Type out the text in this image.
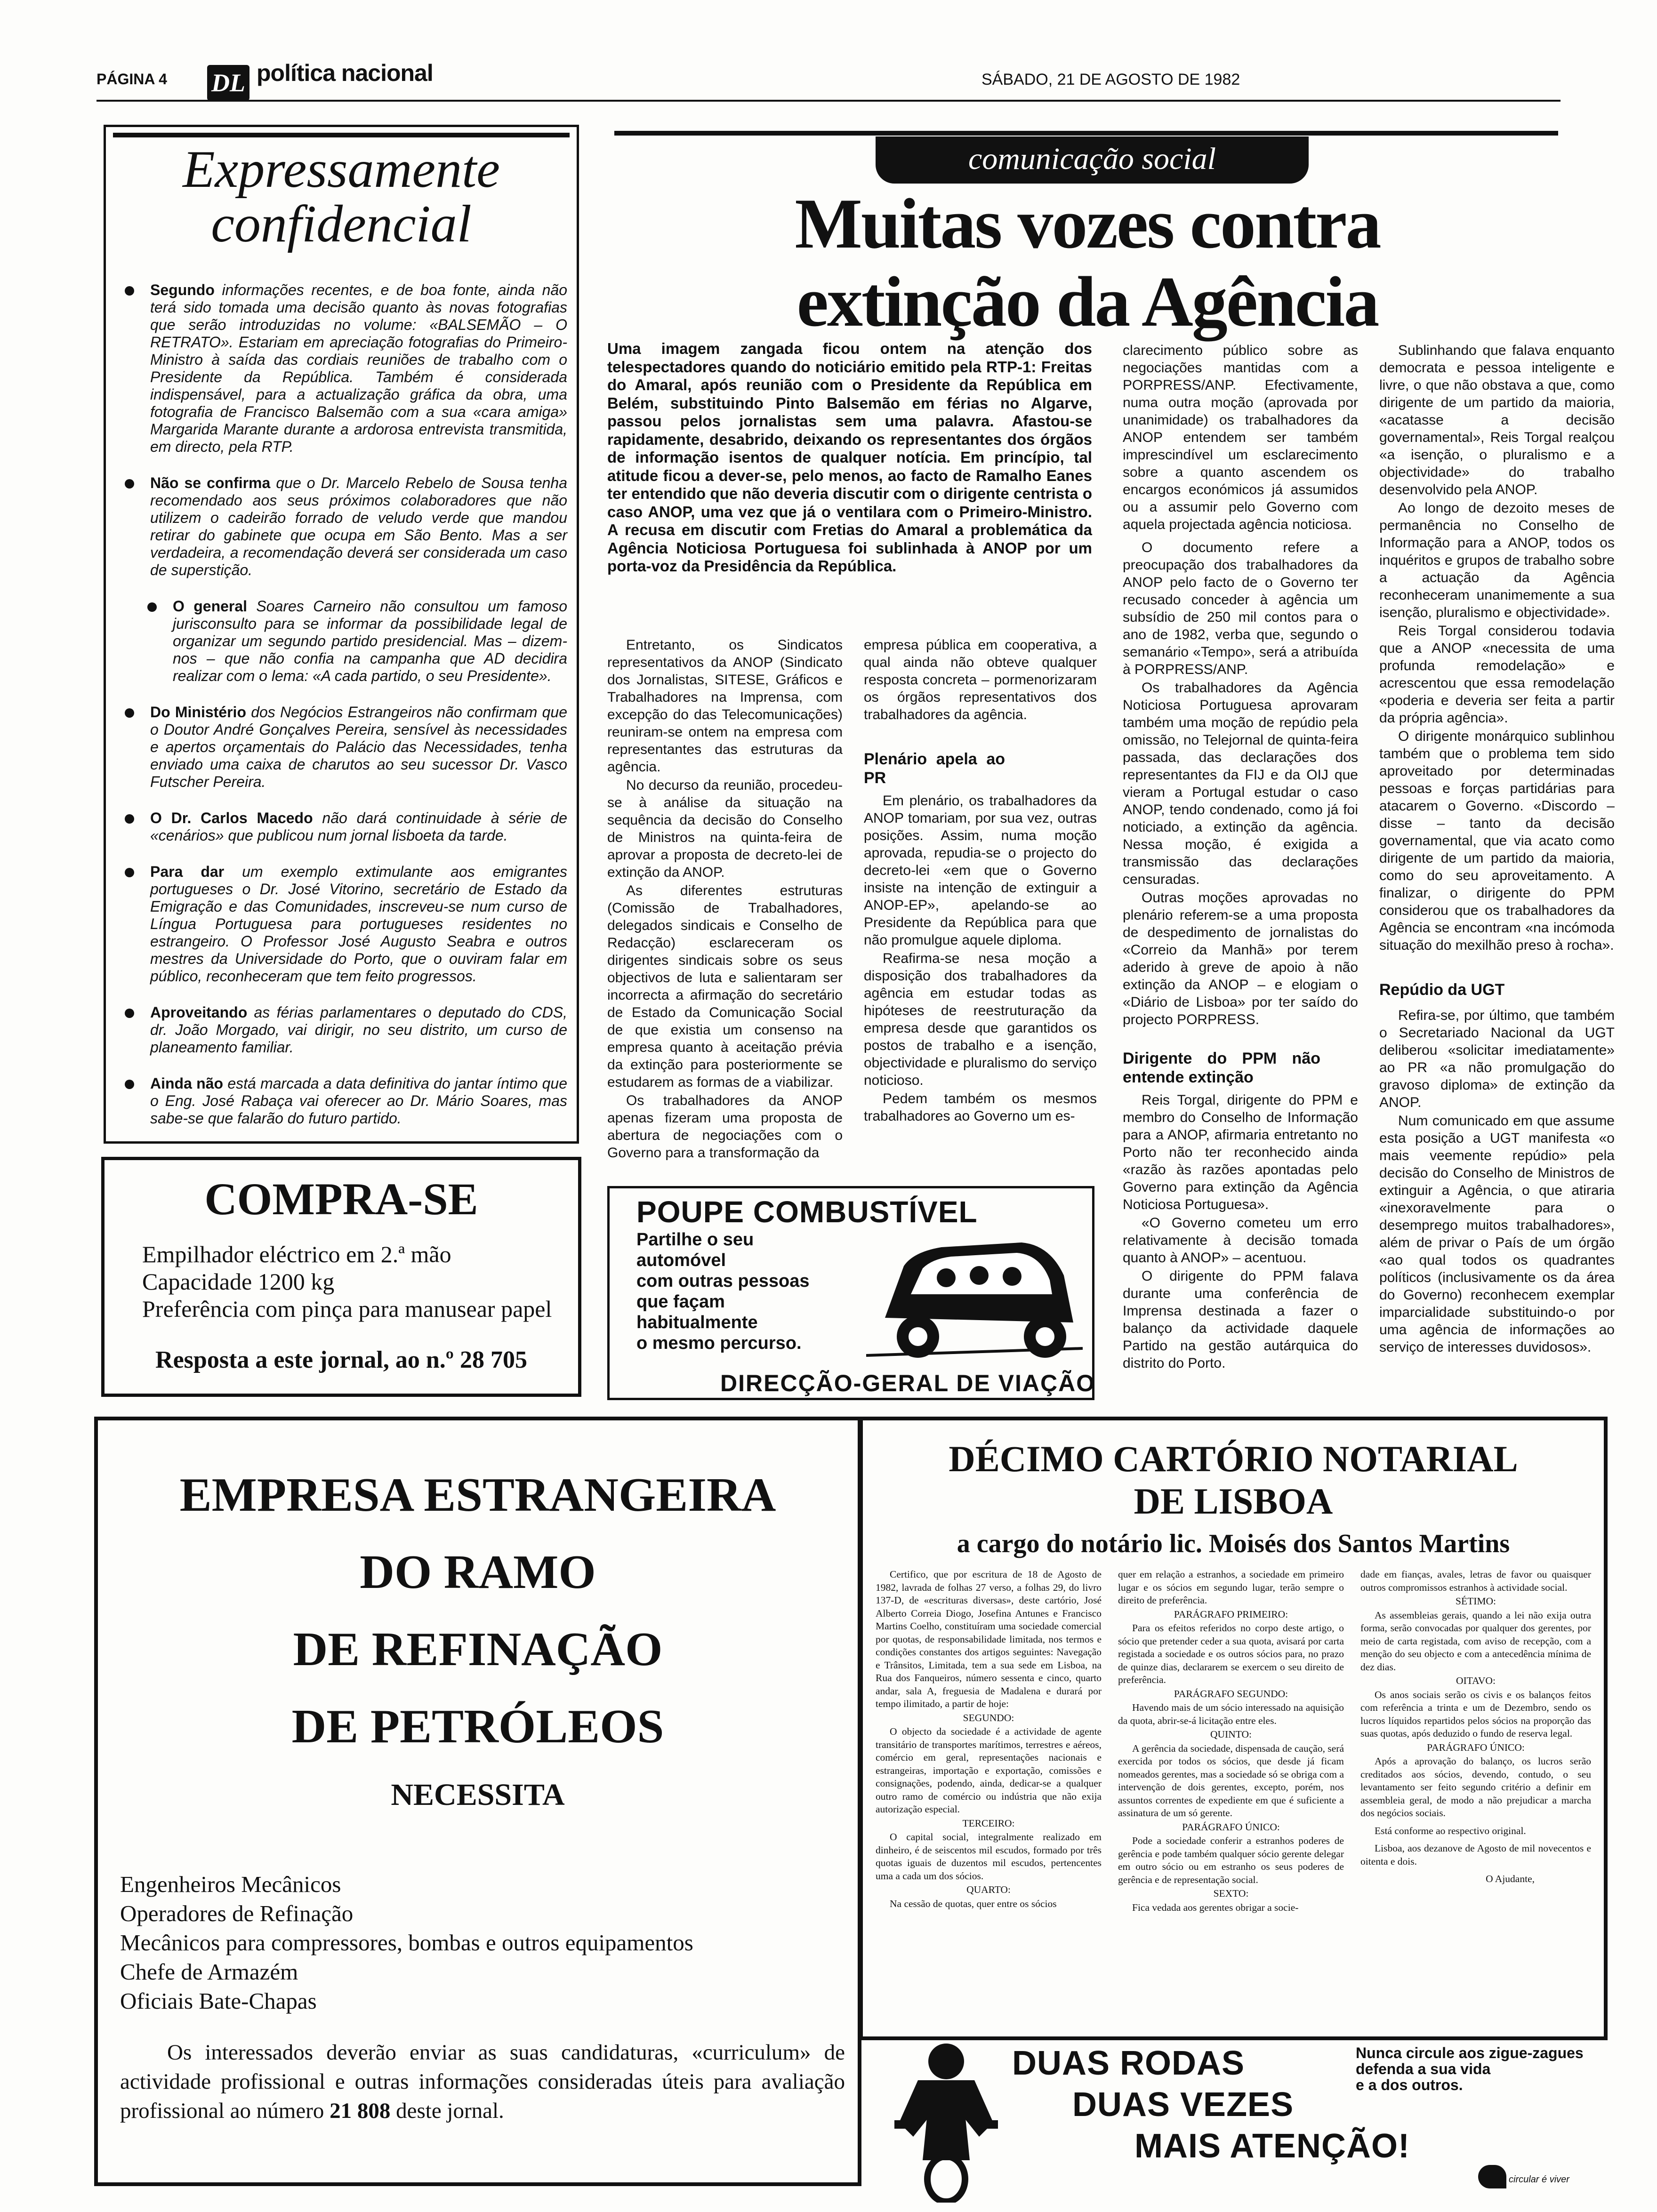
PÁGINA 4 DL política nacional	SÁBADO, 21 DE AGOSTO DE 1982
Expressamente
confidencial
Segundo informações recentes, e de boa fonte, ainda não terá sido tomada uma decisão quanto às novas fotografias que serão introduzidas no volume: «BALSEMÃO – O RETRATO». Estariam em apreciação fotografias do Primeiro-Ministro à saída das cordiais reuniões de trabalho com o Presidente da República. Também é considerada indispensável, para a actualização gráfica da obra, uma fotografia de Francisco Balsemão com a sua «cara amiga» Margarida Marante durante a ardorosa entrevista transmitida, em directo, pela RTP.
Não se confirma que o Dr. Marcelo Rebelo de Sousa tenha recomendado aos seus próximos colaboradores que não utilizem o cadeirão forrado de veludo verde que mandou retirar do gabinete que ocupa em São Bento. Mas a ser verdadeira, a recomendação deverá ser considerada um caso de superstição.
O general Soares Carneiro não consultou um famoso jurisconsulto para se informar da possibilidade legal de organizar um segundo partido presidencial. Mas – dizem-nos – que não confia na campanha que AD decidira realizar com o lema: «A cada partido, o seu Presidente».
Do Ministério dos Negócios Estrangeiros não confirmam que o Doutor André Gonçalves Pereira, sensível às necessidades e apertos orçamentais do Palácio das Necessidades, tenha enviado uma caixa de charutos ao seu sucessor Dr. Vasco Futscher Pereira.
O Dr. Carlos Macedo não dará continuidade à série de «cenários» que publicou num jornal lisboeta da tarde.
Para dar um exemplo extimulante aos emigrantes portugueses o Dr. José Vitorino, secretário de Estado da Emigração e das Comunidades, inscreveu-se num curso de Língua Portuguesa para portugueses residentes no estrangeiro. O Professor José Augusto Seabra e outros mestres da Universidade do Porto, que o ouviram falar em público, reconheceram que tem feito progressos.
Aproveitando as férias parlamentares o deputado do CDS, dr. João Morgado, vai dirigir, no seu distrito, um curso de planeamento familiar.
Ainda não está marcada a data definitiva do jantar íntimo que o Eng. José Rabaça vai oferecer ao Dr. Mário Soares, mas sabe-se que falarão do futuro partido.
comunicação social
Muitas vozes contra
extinção da Agência
Uma imagem zangada ficou ontem na atenção dos telespectadores quando do noticiário emitido pela RTP-1: Freitas do Amaral, após reunião com o Presidente da República em Belém, substituindo Pinto Balsemão em férias no Algarve, passou pelos jornalistas sem uma palavra. Afastou-se rapidamente, desabrido, deixando os representantes dos órgãos de informação isentos de qualquer notícia. Em princípio, tal atitude ficou a dever-se, pelo menos, ao facto de Ramalho Eanes ter entendido que não deveria discutir com o dirigente centrista o caso ANOP, uma vez que já o ventilara com o Primeiro-Ministro. A recusa em discutir com Fretias do Amaral a problemática da Agência Noticiosa Portuguesa foi sublinhada à ANOP por um porta-voz da Presidência da República.

Entretanto, os Sindicatos representativos da ANOP (Sindicato dos Jornalistas, SITESE, Gráficos e Trabalhadores na Imprensa, com excepção do das Telecomunicações) reuniram-se ontem na empresa com representantes das estruturas da agência.

No decurso da reunião, procedeu-se à análise da situação na sequência da decisão do Conselho de Ministros na quinta-feira de aprovar a proposta de decreto-lei de extinção da ANOP.

As diferentes estruturas (Comissão de Trabalhadores, delegados sindicais e Conselho de Redacção) esclareceram os dirigentes sindicais sobre os seus objectivos de luta e salientaram ser incorrecta a afirmação do secretário de Estado da Comunicação Social de que existia um consenso na empresa quanto à aceitação prévia da extinção para posteriormente se estudarem as formas de a viabilizar.

Os trabalhadores da ANOP apenas fizeram uma proposta de abertura de negociações com o Governo para a transformação da

empresa pública em cooperativa, a qual ainda não obteve qualquer resposta concreta – pormenorizaram os órgãos representativos dos trabalhadores da agência.

Plenário apela ao PR

Em plenário, os trabalhadores da ANOP tomariam, por sua vez, outras posições. Assim, numa moção aprovada, repudia-se o projecto do decreto-lei «em que o Governo insiste na intenção de extinguir a ANOP-EP», apelando-se ao Presidente da República para que não promulgue aquele diploma.

Reafirma-se nesa moção a disposição dos trabalhadores da agência em estudar todas as hipóteses de reestruturação da empresa desde que garantidos os postos de trabalho e a isenção, objectividade e pluralismo do serviço noticioso.

Pedem também os mesmos trabalhadores ao Governo um es-

clarecimento público sobre as negociações mantidas com a PORPRESS/ANP. Efectivamente, numa outra moção (aprovada por unanimidade) os trabalhadores da ANOP entendem ser também imprescindível um esclarecimento sobre a quanto ascendem os encargos económicos já assumidos ou a assumir pelo Governo com aquela projectada agência noticiosa.

O documento refere a preocupação dos trabalhadores da ANOP pelo facto de o Governo ter recusado conceder à agência um subsídio de 250 mil contos para o ano de 1982, verba que, segundo o semanário «Tempo», será a atribuída à PORPRESS/ANP.

Os trabalhadores da Agência Noticiosa Portuguesa aprovaram também uma moção de repúdio pela omissão, no Telejornal de quinta-feira passada, das declarações dos representantes da FIJ e da OIJ que vieram a Portugal estudar o caso ANOP, tendo condenado, como já foi noticiado, a extinção da agência. Nessa moção, é exigida a transmissão das declarações censuradas.

Outras moções aprovadas no plenário referem-se a uma proposta de despedimento de jornalistas do «Correio da Manhã» por terem aderido à greve de apoio à não extinção da ANOP – e elogiam o «Diário de Lisboa» por ter saído do projecto PORPRESS.

Dirigente do PPM não entende extinção

Reis Torgal, dirigente do PPM e membro do Conselho de Informação para a ANOP, afirmaria entretanto no Porto não ter reconhecido ainda «razão às razões apontadas pelo Governo para extinção da Agência Noticiosa Portuguesa».

«O Governo cometeu um erro relativamente à decisão tomada quanto à ANOP» – acentuou.

O dirigente do PPM falava durante uma conferência de Imprensa destinada a fazer o balanço da actividade daquele Partido na gestão autárquica do distrito do Porto.

Sublinhando que falava enquanto democrata e pessoa inteligente e livre, o que não obstava a que, como dirigente de um partido da maioria, «acatasse a decisão governamental», Reis Torgal realçou «a isenção, o pluralismo e a objectividade» do trabalho desenvolvido pela ANOP.

Ao longo de dezoito meses de permanência no Conselho de Informação para a ANOP, todos os inquéritos e grupos de trabalho sobre a actuação da Agência reconheceram unanimemente a sua isenção, pluralismo e objectividade».

Reis Torgal considerou todavia que a ANOP «necessita de uma profunda remodelação» e acrescentou que essa remodelação «poderia e deveria ser feita a partir da própria agência».

O dirigente monárquico sublinhou também que o problema tem sido aproveitado por determinadas pessoas e forças partidárias para atacarem o Governo. «Discordo – disse – tanto da decisão governamental, que via acato como dirigente de um partido da maioria, como do seu aproveitamento. A finalizar, o dirigente do PPM considerou que os trabalhadores da Agência se encontram «na incómoda situação do mexilhão preso à rocha».

Repúdio da UGT

Refira-se, por último, que também o Secretariado Nacional da UGT deliberou «solicitar imediatamente» ao PR «a não promulgação do gravoso diploma» de extinção da ANOP.

Num comunicado em que assume esta posição a UGT manifesta «o mais veemente repúdio» pela decisão do Conselho de Ministros de extinguir a Agência, o que atiraria «inexoravelmente para o desemprego muitos trabalhadores», além de privar o País de um órgão «ao qual todos os quadrantes políticos (inclusivamente os da área do Governo) reconhecem exemplar imparcialidade substituindo-o por uma agência de informações ao serviço de interesses duvidosos».

COMPRA-SE
Empilhador eléctrico em 2.ª mão
Capacidade 1200 kg
Preferência com pinça para manusear papel
Resposta a este jornal, ao n.º 28 705
POUPE COMBUSTÍVEL
Partilhe o seu automóvel
com outras pessoas
que façam habitualmente
o mesmo percurso.
DIRECÇÃO-GERAL DE VIAÇÃO
EMPRESA ESTRANGEIRA
DO RAMO
DE REFINAÇÃO
DE PETRÓLEOS
NECESSITA
Engenheiros Mecânicos
Operadores de Refinação
Mecânicos para compressores, bombas e outros equipamentos
Chefe de Armazém
Oficiais Bate-Chapas
Os interessados deverão enviar as suas candidaturas, «curriculum» de actividade profissional e outras informações consideradas úteis para avaliação profissional ao número 21 808 deste jornal.
DÉCIMO CARTÓRIO NOTARIAL
DE LISBOA
a cargo do notário lic. Moisés dos Santos Martins

Certifico, que por escritura de 18 de Agosto de 1982, lavrada de folhas 27 verso, a folhas 29, do livro 137-D, de «escrituras diversas», deste cartório, José Alberto Correia Diogo, Josefina Antunes e Francisco Martins Coelho, constituíram uma sociedade comercial por quotas, de responsabilidade limitada, nos termos e condições constantes dos artigos seguintes: Navegação e Trânsitos, Limitada, tem a sua sede em Lisboa, na Rua dos Fanqueiros, número sessenta e cinco, quarto andar, sala A, freguesia de Madalena e durará por tempo ilimitado, a partir de hoje:

SEGUNDO:

O objecto da sociedade é a actividade de agente transitário de transportes marítimos, terrestres e aéreos, comércio em geral, representações nacionais e estrangeiras, importação e exportação, comissões e consignações, podendo, ainda, dedicar-se a qualquer outro ramo de comércio ou indústria que não exija autorização especial.

TERCEIRO:

O capital social, integralmente realizado em dinheiro, é de seiscentos mil escudos, formado por três quotas iguais de duzentos mil escudos, pertencentes uma a cada um dos sócios.

QUARTO:

Na cessão de quotas, quer entre os sócios

quer em relação a estranhos, a sociedade em primeiro lugar e os sócios em segundo lugar, terão sempre o direito de preferência.

PARÁGRAFO PRIMEIRO:

Para os efeitos referidos no corpo deste artigo, o sócio que pretender ceder a sua quota, avisará por carta registada a sociedade e os outros sócios para, no prazo de quinze dias, declararem se exercem o seu direito de preferência.

PARÁGRAFO SEGUNDO:

Havendo mais de um sócio interessado na aquisição da quota, abrir-se-á licitação entre eles.

QUINTO:

A gerência da sociedade, dispensada de caução, será exercida por todos os sócios, que desde já ficam nomeados gerentes, mas a sociedade só se obriga com a intervenção de dois gerentes, excepto, porém, nos assuntos correntes de expediente em que é suficiente a assinatura de um só gerente.

PARÁGRAFO ÚNICO:

Pode a sociedade conferir a estranhos poderes de gerência e pode também qualquer sócio gerente delegar em outro sócio ou em estranho os seus poderes de gerência e de representação social.

SEXTO:

Fica vedada aos gerentes obrigar a socie-

dade em fianças, avales, letras de favor ou quaisquer outros compromissos estranhos à actividade social.

SÉTIMO:

As assembleias gerais, quando a lei não exija outra forma, serão convocadas por qualquer dos gerentes, por meio de carta registada, com aviso de recepção, com a menção do seu objecto e com a antecedência mínima de dez dias.

OITAVO:

Os anos sociais serão os civis e os balanços feitos com referência a trinta e um de Dezembro, sendo os lucros líquidos repartidos pelos sócios na proporção das suas quotas, após deduzido o fundo de reserva legal.

PARÁGRAFO ÚNICO:

Após a aprovação do balanço, os lucros serão creditados aos sócios, devendo, contudo, o seu levantamento ser feito segundo critério a definir em assembleia geral, de modo a não prejudicar a marcha dos negócios sociais.

Está conforme ao respectivo original.

Lisboa, aos dezanove de Agosto de mil novecentos e oitenta e dois.

O Ajudante,

DUAS RODAS
DUAS VEZES
MAIS ATENÇÃO!
Nunca circule aos zigue-zagues
defenda a sua vida
e a dos outros.
circular é viver
